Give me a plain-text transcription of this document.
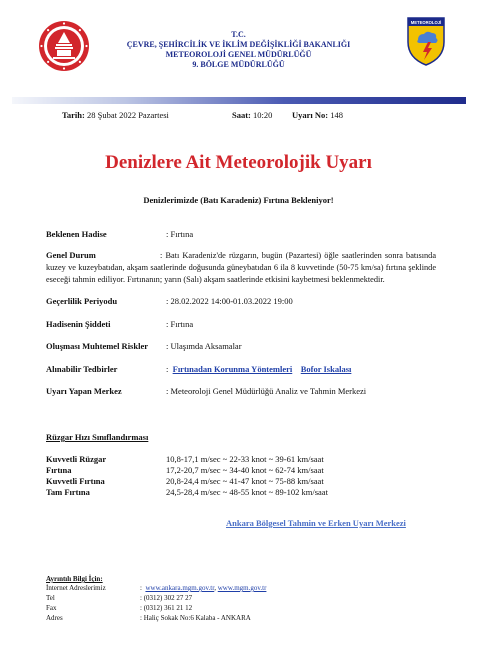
T.C.
ÇEVRE, ŞEHİRCİLİK VE İKLİM DEĞİŞİKLİĞİ BAKANLIĞI
METEOROLOJİ GENEL MÜDÜRLÜĞÜ
9. BÖLGE MÜDÜRLÜĞÜ
METEOROLOJİ
Tarih: 28 Şubat 2022 Pazartesi	Saat: 10:20 Uyarı No: 148
Denizlere Ait Meteorolojik Uyarı
Denizlerimizde (Batı Karadeniz) Fırtına Bekleniyor!
Beklenen Hadise	: Fırtına
Genel Durum	: Batı Karadeniz'de rüzgarın, bugün (Pazartesi) öğle saatlerinden sonra batısında kuzey ve kuzeybatıdan, akşam saatlerinde doğusunda güneybatıdan 6 ila 8 kuvvetinde (50-75 km/sa) fırtına şeklinde eseceği tahmin ediliyor. Fırtınanın; yarın (Salı) akşam saatlerinde etkisini kaybetmesi beklenmektedir.
Geçerlilik Periyodu	: 28.02.2022 14:00-01.03.2022 19:00
Hadisenin Şiddeti	: Fırtına
Oluşması Muhtemel Riskler : Ulaşımda Aksamalar
Alınabilir Tedbirler	: Fırtınadan Korunma Yöntemleri Bofor Iskalası
Uyarı Yapan Merkez	: Meteoroloji Genel Müdürlüğü Analiz ve Tahmin Merkezi
Rüzgar Hızı Sınıflandırması
Kuvvetli Rüzgar	10,8-17,1 m/sec ~ 22-33 knot ~ 39-61 km/saat
Fırtına	17,2-20,7 m/sec ~ 34-40 knot ~ 62-74 km/saat
Kuvvetli Fırtına	20,8-24,4 m/sec ~ 41-47 knot ~ 75-88 km/saat
Tam Fırtına	24,5-28,4 m/sec ~ 48-55 knot ~ 89-102 km/saat
Ankara Bölgesel Tahmin ve Erken Uyarı Merkezi
Ayrıntılı Bilgi İçin:
İnternet Adreslerimiz	: www.ankara.mgm.gov.tr, www.mgm.gov.tr
Tel	: (0312) 302 27 27
Fax	: (0312) 361 21 12
Adres	: Haliç Sokak No:6 Kalaba - ANKARA
